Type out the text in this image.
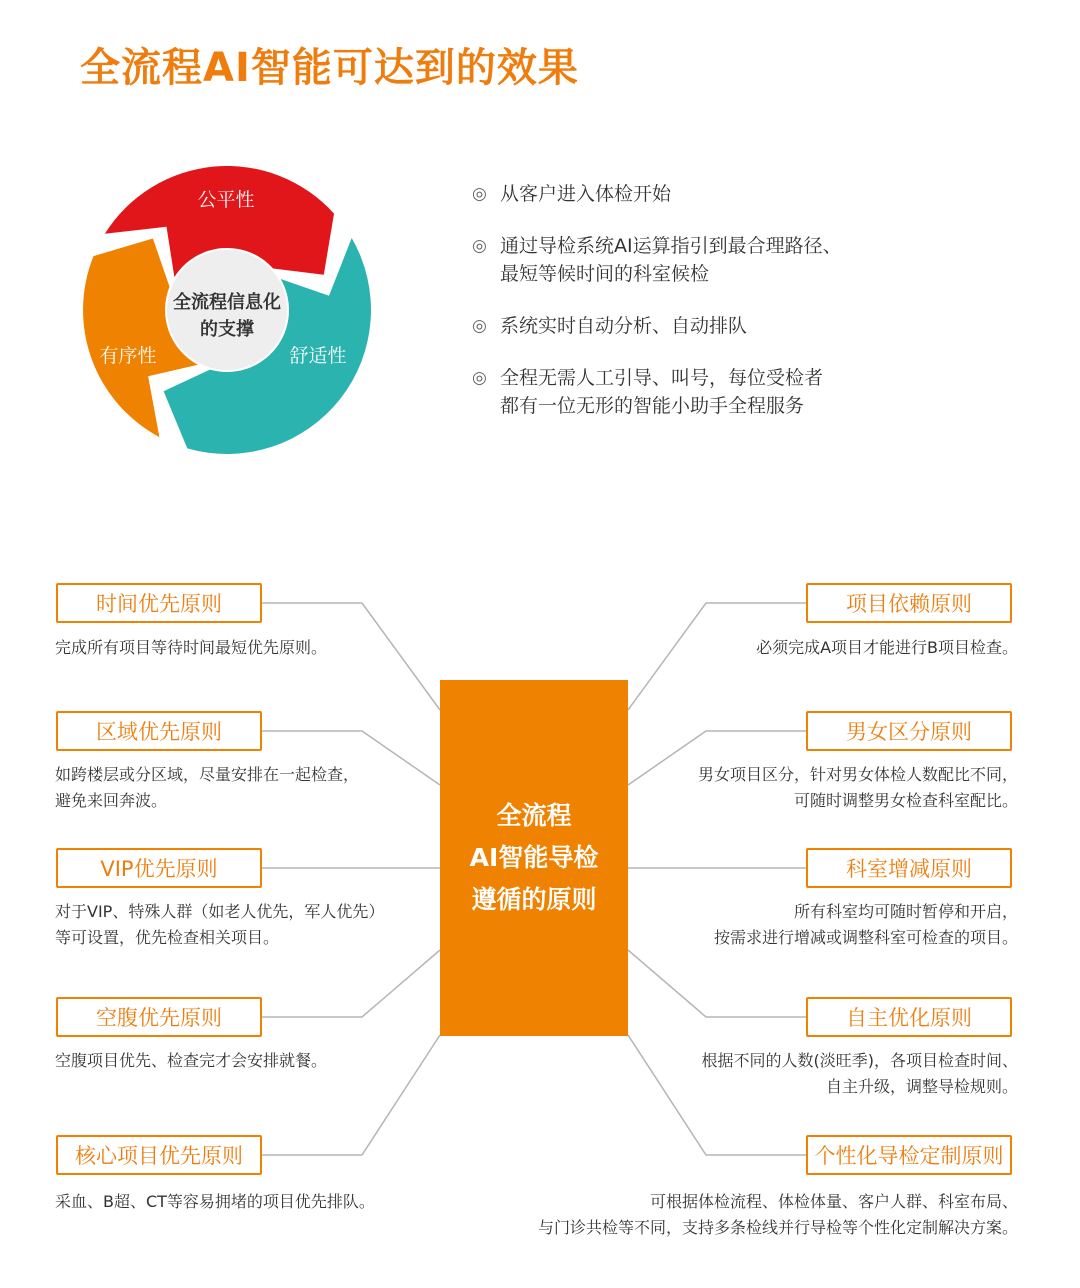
全流程AI智能可达到的效果
全流程信息化
的支撑
公平性
舒适性
有序性
◎ 从客户进入体检开始
◎ 通过导检系统AI运算指引到最合理路径、
最短等候时间的科室候检
◎ 系统实时自动分析、自动排队
◎ 全程无需人工引导、叫号，每位受检者
都有一位无形的智能小助手全程服务
全流程
AI智能导检
遵循的原则
时间优先原则
完成所有项目等待时间最短优先原则。
区域优先原则
如跨楼层或分区域，尽量安排在一起检查，
避免来回奔波。
VIP优先原则
对于VIP、特殊人群（如老人优先，军人优先）
等可设置，优先检查相关项目。
空腹优先原则
空腹项目优先、检查完才会安排就餐。
核心项目优先原则
采血、B超、CT等容易拥堵的项目优先排队。
项目依赖原则
必须完成A项目才能进行B项目检查。
男女区分原则
男女项目区分，针对男女体检人数配比不同，
可随时调整男女检查科室配比。
科室增减原则
所有科室均可随时暂停和开启，
按需求进行增减或调整科室可检查的项目。
自主优化原则
根据不同的人数(淡旺季)，各项目检查时间、
自主升级，调整导检规则。
个性化导检定制原则
可根据体检流程、体检体量、客户人群、科室布局、
与门诊共检等不同，支持多条检线并行导检等个性化定制解决方案。
